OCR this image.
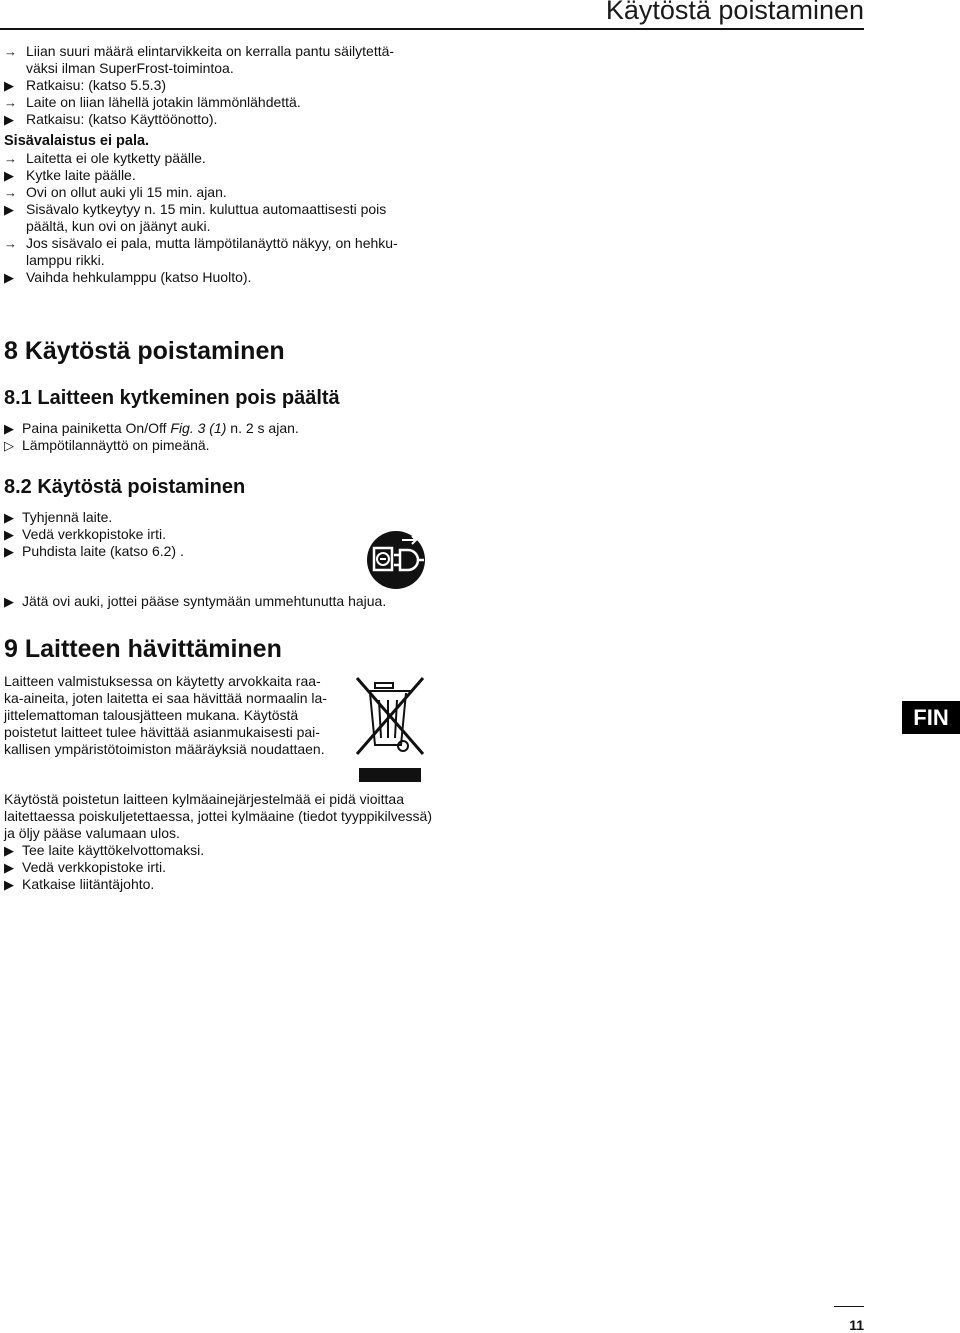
Käytöstä poistaminen
→ Liian suuri määrä elintarvikkeita on kerralla pantu säilytettä-
väksi ilman SuperFrost-toimintoa.
▶ Ratkaisu: (katso 5.5.3)
→ Laite on liian lähellä jotakin lämmönlähdettä.
▶ Ratkaisu: (katso Käyttöönotto).
Sisävalaistus ei pala.
→ Laitetta ei ole kytketty päälle.
▶ Kytke laite päälle.
→ Ovi on ollut auki yli 15 min. ajan.
▶ Sisävalo kytkeytyy n. 15 min. kuluttua automaattisesti pois
päältä, kun ovi on jäänyt auki.
→ Jos sisävalo ei pala, mutta lämpötilanäyttö näkyy, on hehku-
lamppu rikki.
▶ Vaihda hehkulamppu (katso Huolto).
8 Käytöstä poistaminen
8.1 Laitteen kytkeminen pois päältä
▶ Paina painiketta On/Off Fig. 3 (1) n. 2 s ajan.
▷ Lämpötilannäyttö on pimeänä.
8.2 Käytöstä poistaminen
▶ Tyhjennä laite.
▶ Vedä verkkopistoke irti.
▶ Puhdista laite (katso 6.2) .
▶ Jätä ovi auki, jottei pääse syntymään ummehtunutta hajua.
9 Laitteen hävittäminen
Laitteen valmistuksessa on käytetty arvokkaita raa-
ka-aineita, joten laitetta ei saa hävittää normaalin la-
jittelemattoman talousjätteen mukana. Käytöstä
poistetut laitteet tulee hävittää asianmukaisesti pai-
kallisen ympäristötoimiston määräyksiä noudattaen.
Käytöstä poistetun laitteen kylmäainejärjestelmää ei pidä vioittaa
laitettaessa poiskuljetettaessa, jottei kylmäaine (tiedot tyyppikilvessä)
ja öljy pääse valumaan ulos.
▶ Tee laite käyttökelvottomaksi.
▶ Vedä verkkopistoke irti.
▶ Katkaise liitäntäjohto.
FIN
11
